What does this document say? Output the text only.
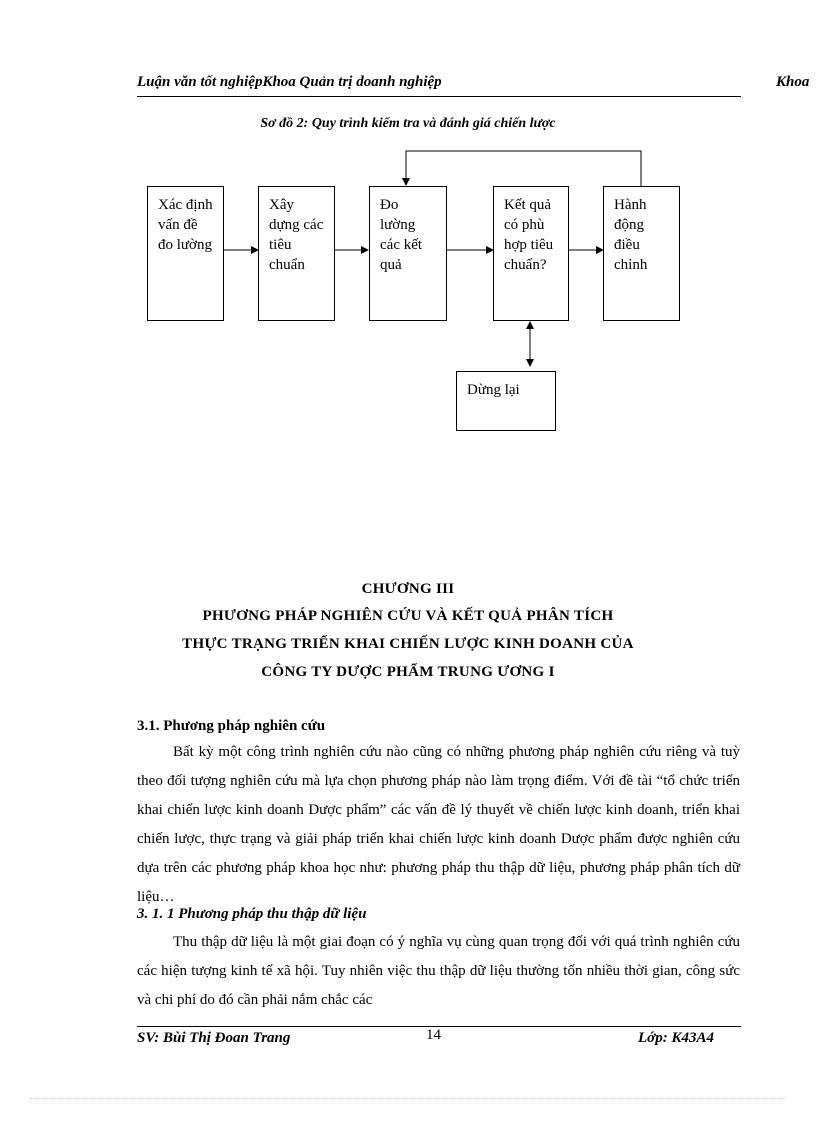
Luận văn tốt nghiệpKhoa Quản trị doanh nghiệp	Khoa
Sơ đồ 2: Quy trình kiểm tra và đánh giá chiến lược
Xác định vấn đề đo lường
Xây dựng các tiêu chuẩn
Đo lường các kết quả
Kết quả có phù hợp tiêu chuẩn?
Hành động điều chỉnh
Dừng lại
CHƯƠNG III
PHƯƠNG PHÁP NGHIÊN CỨU VÀ KẾT QUẢ PHÂN TÍCH
THỰC TRẠNG TRIỂN KHAI CHIẾN LƯỢC KINH DOANH CỦA
CÔNG TY DƯỢC PHẨM TRUNG ƯƠNG I
3.1. Phương pháp nghiên cứu
Bất kỳ một công trình nghiên cứu nào cũng có những phương pháp nghiên cứu riêng và tuỳ theo đối tượng nghiên cứu mà lựa chọn phương pháp nào làm trọng điểm. Với đề tài “tổ chức triển khai chiến lược kinh doanh Dược phẩm” các vấn đề lý thuyết về chiến lược kinh doanh, triển khai chiến lược, thực trạng và giải pháp triển khai chiến lược kinh doanh Dược phẩm được nghiên cứu dựa trên các phương pháp khoa học như: phương pháp thu thập dữ liệu, phương pháp phân tích dữ liệu…
3. 1. 1 Phương pháp thu thập dữ liệu
Thu thập dữ liệu là một giai đoạn có ý nghĩa vụ cùng quan trọng đối với quá trình nghiên cứu các hiện tượng kinh tế xã hội. Tuy nhiên việc thu thập dữ liệu thường tốn nhiều thời gian, công sức và chi phí do đó cần phải nắm chắc các
SV: Bùi Thị Đoan Trang	14	Lớp: K43A4
